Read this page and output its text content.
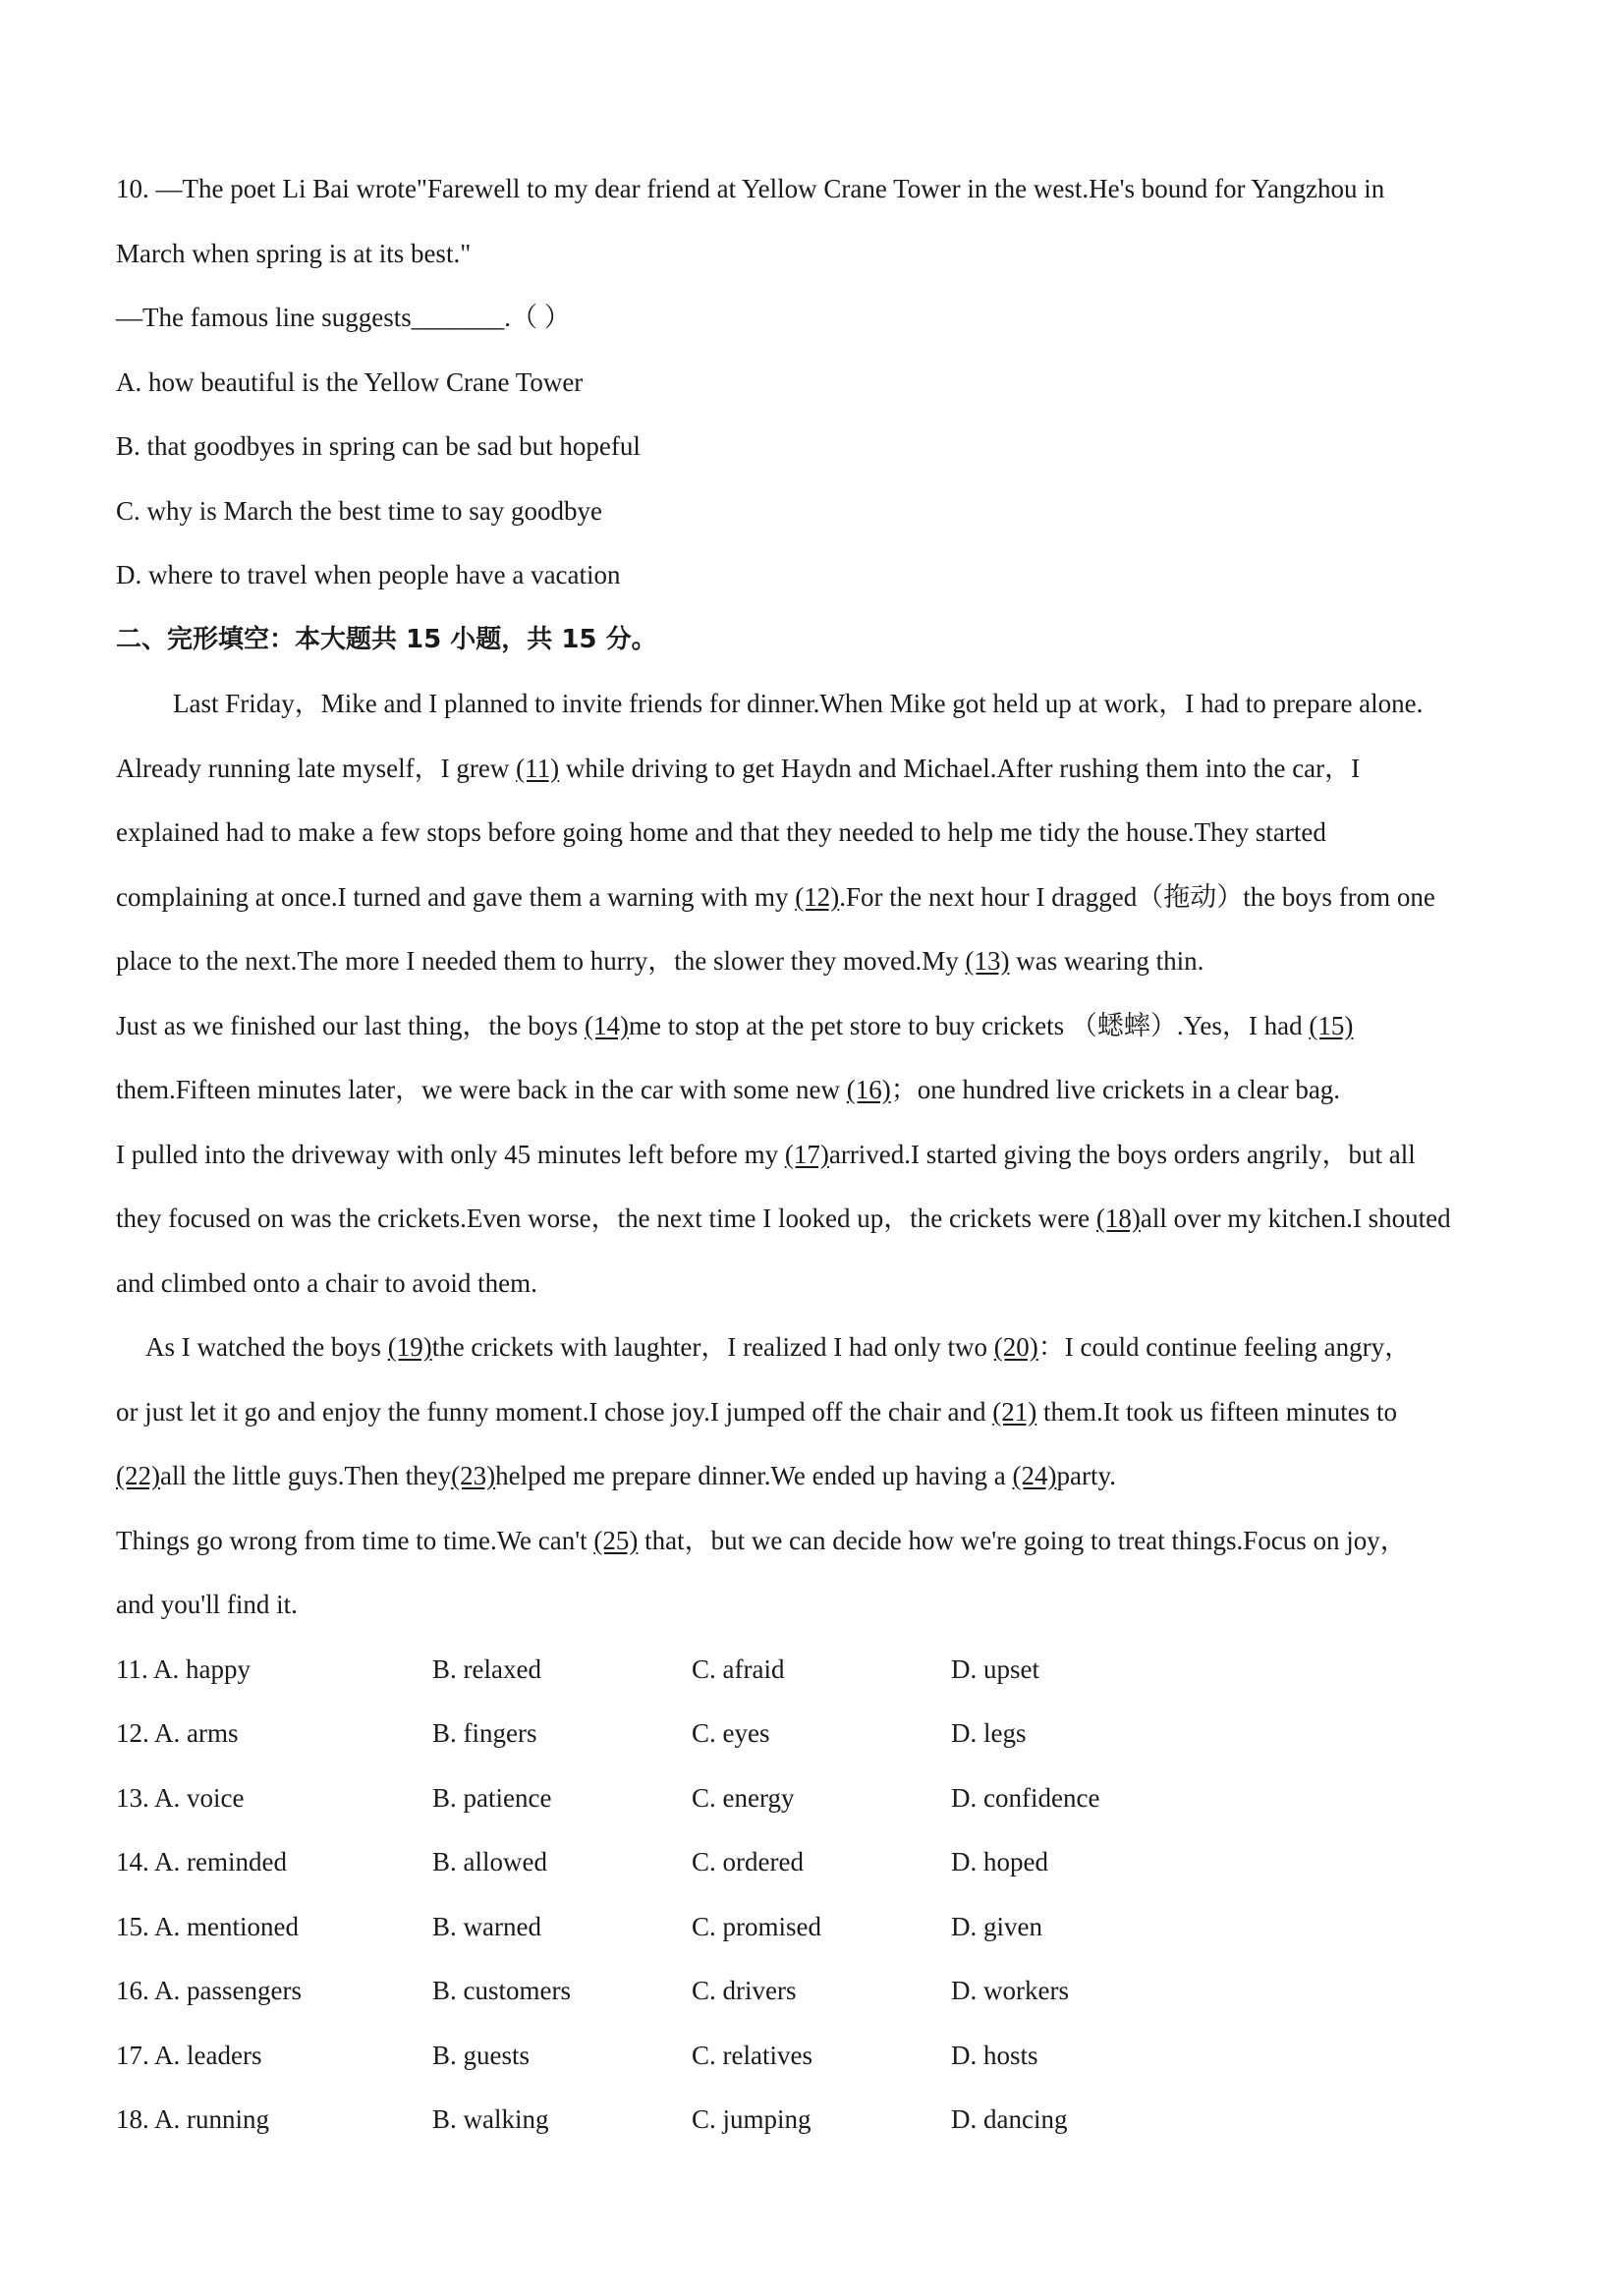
10. —The poet Li Bai wrote"Farewell to my dear friend at Yellow Crane Tower in the west.He's bound for Yangzhou in
March when spring is at its best."
—The famous line suggests_______.（ ）
A. how beautiful is the Yellow Crane Tower
B. that goodbyes in spring can be sad but hopeful
C. why is March the best time to say goodbye
D. where to travel when people have a vacation
二、完形填空：本大题共 15 小题，共 15 分。
Last Friday，Mike and I planned to invite friends for dinner.When Mike got held up at work，I had to prepare alone.
Already running late myself，I grew (11) while driving to get Haydn and Michael.After rushing them into the car，I
explained had to make a few stops before going home and that they needed to help me tidy the house.They started
complaining at once.I turned and gave them a warning with my (12).For the next hour I dragged（拖动）the boys from one
place to the next.The more I needed them to hurry，the slower they moved.My (13) was wearing thin.
Just as we finished our last thing，the boys (14)me to stop at the pet store to buy crickets （蟋蟀）.Yes，I had (15)
them.Fifteen minutes later，we were back in the car with some new (16)；one hundred live crickets in a clear bag.
I pulled into the driveway with only 45 minutes left before my (17)arrived.I started giving the boys orders angrily，but all
they focused on was the crickets.Even worse，the next time I looked up，the crickets were (18)all over my kitchen.I shouted
and climbed onto a chair to avoid them.
As I watched the boys (19)the crickets with laughter，I realized I had only two (20)：I could continue feeling angry，
or just let it go and enjoy the funny moment.I chose joy.I jumped off the chair and (21) them.It took us fifteen minutes to
(22)all the little guys.Then they(23)helped me prepare dinner.We ended up having a (24)party.
Things go wrong from time to time.We can't (25) that，but we can decide how we're going to treat things.Focus on joy，
and you'll find it.
11. A. happy	B. relaxed	C. afraid	D. upset
12. A. arms	B. fingers	C. eyes	D. legs
13. A. voice	B. patience	C. energy	D. confidence
14. A. reminded	B. allowed	C. ordered	D. hoped
15. A. mentioned	B. warned	C. promised	D. given
16. A. passengers	B. customers	C. drivers	D. workers
17. A. leaders	B. guests	C. relatives	D. hosts
18. A. running	B. walking	C. jumping	D. dancing
